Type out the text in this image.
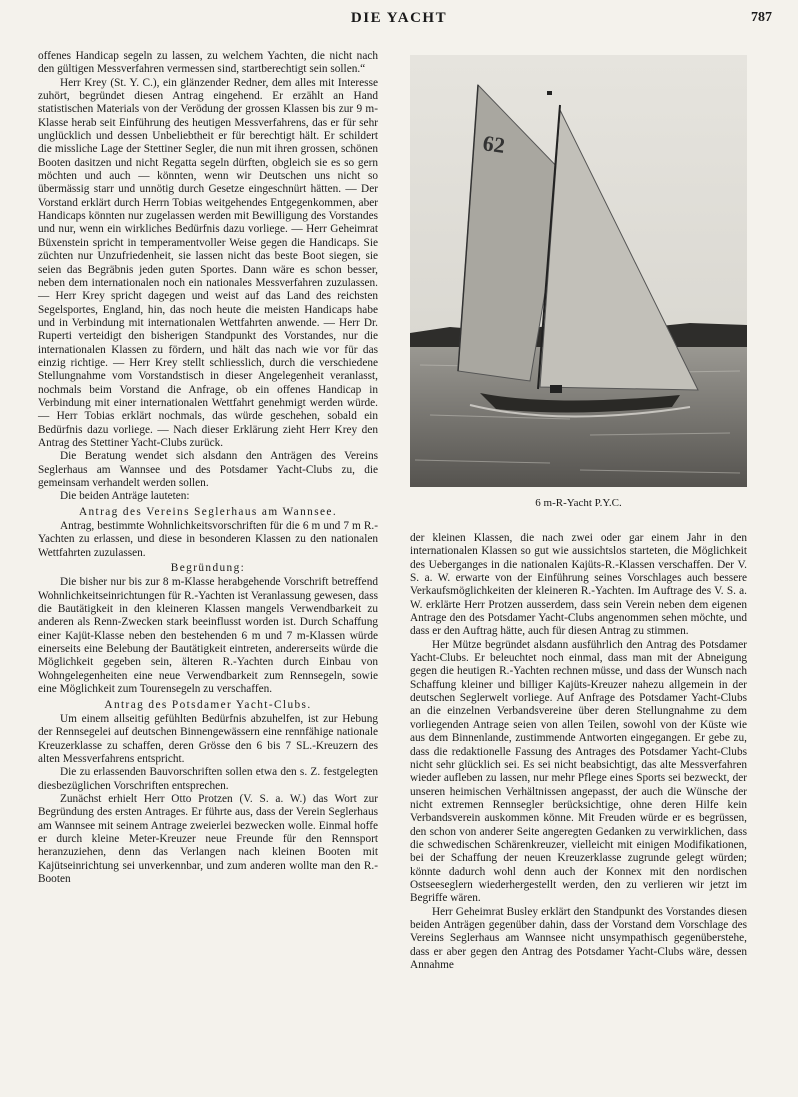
DIE YACHT	787

offenes Handicap segeln zu lassen, zu welchem Yachten, die nicht nach den gültigen Messverfahren vermessen sind, startberechtigt sein sollen.“

Herr Krey (St. Y. C.), ein glänzender Redner, dem alles mit Interesse zuhört, begründet diesen Antrag eingehend. Er erzählt an Hand statistischen Materials von der Verödung der grossen Klassen bis zur 9 m-Klasse herab seit Einführung des heutigen Messverfahrens, das er für sehr unglücklich und dessen Unbeliebtheit er für berechtigt hält. Er schildert die missliche Lage der Stettiner Segler, die nun mit ihren grossen, schönen Booten dasitzen und nicht Regatta segeln dürften, obgleich sie es so gern möchten und auch — könnten, wenn wir Deutschen uns nicht so übermässig starr und unnötig durch Gesetze eingeschnürt hätten. — Der Vorstand erklärt durch Herrn Tobias weitgehendes Entgegenkommen, aber Handicaps könnten nur zugelassen werden mit Bewilligung des Vorstandes und nur, wenn ein wirkliches Bedürfnis dazu vorliege. — Herr Geheimrat Büxenstein spricht in temperamentvoller Weise gegen die Handicaps. Sie züchten nur Unzufriedenheit, sie lassen nicht das beste Boot siegen, sie seien das Begräbnis jeden guten Sportes. Dann wäre es schon besser, neben dem internationalen noch ein nationales Messverfahren zuzulassen. — Herr Krey spricht dagegen und weist auf das Land des reichsten Segelsportes, England, hin, das noch heute die meisten Handicaps habe und in Verbindung mit internationalen Wettfahrten anwende. — Herr Dr. Ruperti verteidigt den bisherigen Standpunkt des Vorstandes, nur die internationalen Klassen zu fördern, und hält das nach wie vor für das einzig richtige. — Herr Krey stellt schliesslich, durch die verschiedene Stellungnahme vom Vorstandstisch in dieser Angelegenheit veranlasst, nochmals beim Vorstand die Anfrage, ob ein offenes Handicap in Verbindung mit einer internationalen Wettfahrt genehmigt werden würde. — Herr Tobias erklärt nochmals, das würde geschehen, sobald ein Bedürfnis dazu vorliege. — Nach dieser Erklärung zieht Herr Krey den Antrag des Stettiner Yacht-Clubs zurück.

Die Beratung wendet sich alsdann den Anträgen des Vereins Seglerhaus am Wannsee und des Potsdamer Yacht-Clubs zu, die gemeinsam verhandelt werden sollen.

Die beiden Anträge lauteten:

Antrag des Vereins Seglerhaus am Wannsee.

Antrag, bestimmte Wohnlichkeitsvorschriften für die 6 m und 7 m R.-Yachten zu erlassen, und diese in besonderen Klassen zu den nationalen Wettfahrten zuzulassen.

Begründung:

Die bisher nur bis zur 8 m-Klasse herabgehende Vorschrift betreffend Wohnlichkeitseinrichtungen für R.-Yachten ist Veranlassung gewesen, dass die Bautätigkeit in den kleineren Klassen mangels Verwendbarkeit zu anderen als Renn-Zwecken stark beeinflusst worden ist. Durch Schaffung einer Kajüt-Klasse neben den bestehenden 6 m und 7 m-Klassen würde einerseits eine Belebung der Bautätigkeit eintreten, andererseits würde die Möglichkeit gegeben sein, älteren R.-Yachten durch Einbau von Wohngelegenheiten eine neue Verwendbarkeit zum Rennsegeln, sowie eine Möglichkeit zum Tourensegeln zu verschaffen.

Antrag des Potsdamer Yacht-Clubs.

Um einem allseitig gefühlten Bedürfnis abzuhelfen, ist zur Hebung der Rennsegelei auf deutschen Binnengewässern eine rennfähige nationale Kreuzerklasse zu schaffen, deren Grösse den 6 bis 7 SL.-Kreuzern des alten Messverfahrens entspricht.

Die zu erlassenden Bauvorschriften sollen etwa den s. Z. festgelegten diesbezüglichen Vorschriften entsprechen.

Zunächst erhielt Herr Otto Protzen (V. S. a. W.) das Wort zur Begründung des ersten Antrages. Er führte aus, dass der Verein Seglerhaus am Wannsee mit seinem Antrage zweierlei bezwecken wolle. Einmal hoffe er durch kleine Meter-Kreuzer neue Freunde für den Rennsport heranzuziehen, denn das Verlangen nach kleinen Booten mit Kajütseinrichtung sei unverkennbar, und zum anderen wollte man den R.-Booten

62
6 m-R-Yacht P.Y.C.

der kleinen Klassen, die nach zwei oder gar einem Jahr in den internationalen Klassen so gut wie aussichtslos starteten, die Möglichkeit des Ueberganges in die nationalen Kajüts-R.-Klassen verschaffen. Der V. S. a. W. erwarte von der Einführung seines Vorschlages auch bessere Verkaufsmöglichkeiten der kleineren R.-Yachten. Im Auftrage des V. S. a. W. erklärte Herr Protzen ausserdem, dass sein Verein neben dem eigenen Antrage den des Potsdamer Yacht-Clubs angenommen sehen möchte, und dass er den Auftrag hätte, auch für diesen Antrag zu stimmen.

Her Mütze begründet alsdann ausführlich den Antrag des Potsdamer Yacht-Clubs. Er beleuchtet noch einmal, dass man mit der Abneigung gegen die heutigen R.-Yachten rechnen müsse, und dass der Wunsch nach Schaffung kleiner und billiger Kajüts-Kreuzer nahezu allgemein in der deutschen Seglerwelt vorliege. Auf Anfrage des Potsdamer Yacht-Clubs an die einzelnen Verbandsvereine über deren Stellungnahme zu dem vorliegenden Antrage seien von allen Teilen, sowohl von der Küste wie aus dem Binnenlande, zustimmende Antworten eingegangen. Er gebe zu, dass die redaktionelle Fassung des Antrages des Potsdamer Yacht-Clubs nicht sehr glücklich sei. Es sei nicht beabsichtigt, das alte Messverfahren wieder aufleben zu lassen, nur mehr Pflege eines Sports sei bezweckt, der unseren heimischen Verhältnissen angepasst, der auch die Wünsche der nicht extremen Rennsegler berücksichtige, ohne deren Hilfe kein Verbandsverein auskommen könne. Mit Freuden würde er es begrüssen, den schon von anderer Seite angeregten Gedanken zu verwirklichen, dass die schwedischen Schärenkreuzer, vielleicht mit einigen Modifikationen, bei der Schaffung der neuen Kreuzerklasse zugrunde gelegt würden; könnte dadurch wohl denn auch der Konnex mit den nordischen Ostseeseglern wiederhergestellt werden, den zu verlieren wir jetzt im Begriffe wären.

Herr Geheimrat Busley erklärt den Standpunkt des Vorstandes diesen beiden Anträgen gegenüber dahin, dass der Vorstand dem Vorschlage des Vereins Seglerhaus am Wannsee nicht unsympathisch gegenüberstehe, dass er aber gegen den Antrag des Potsdamer Yacht-Clubs wäre, dessen Annahme
